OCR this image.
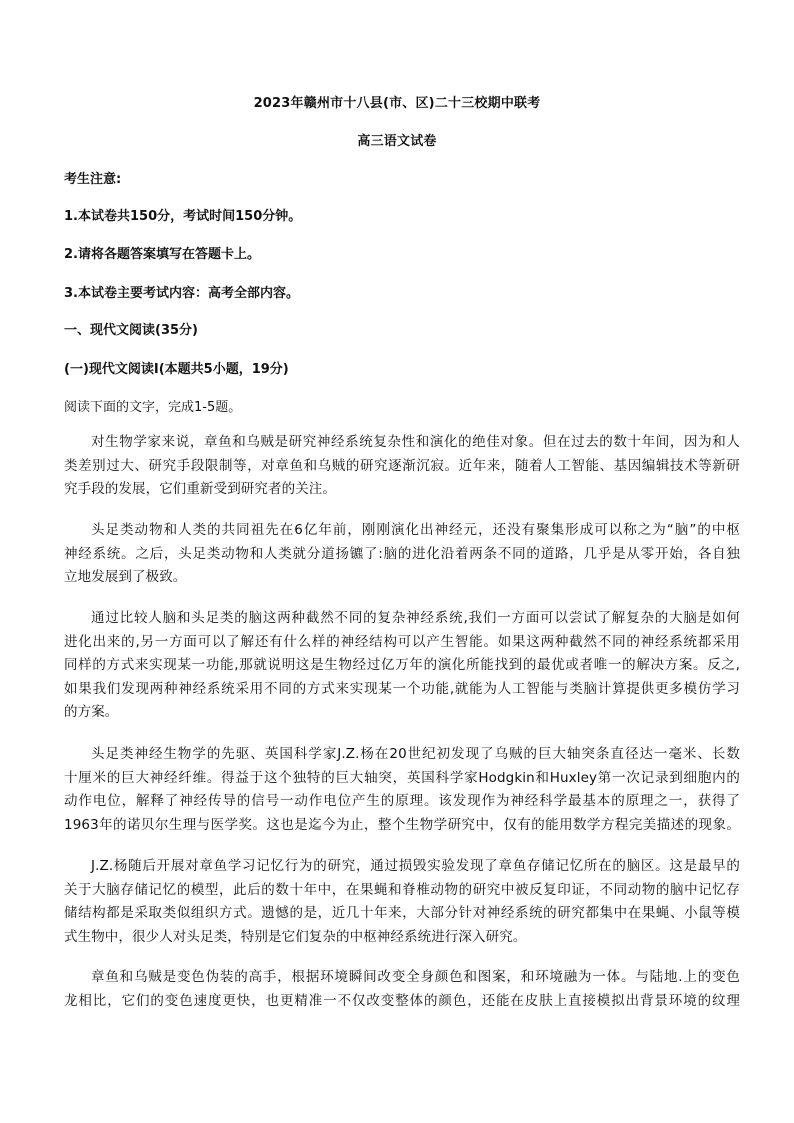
2023年赣州市十八县(市、区)二十三校期中联考
高三语文试卷
考生注意:
1.本试卷共150分，考试时间150分钟。
2.请将各题答案填写在答题卡上。
3.本试卷主要考试内容：高考全部内容。
一、现代文阅读(35分)
(一)现代文阅读I(本题共5小题，19分)
阅读下面的文字，完成1-5题。
对生物学家来说，章鱼和乌贼是研究神经系统复杂性和演化的绝佳对象。但在过去的数十年间，因为和人
类差别过大、研究手段限制等，对章鱼和乌贼的研究逐渐沉寂。近年来，随着人工智能、基因编辑技术等新研
究手段的发展，它们重新受到研究者的关注。
头足类动物和人类的共同祖先在6亿年前，刚刚演化出神经元，还没有聚集形成可以称之为“脑”的中枢
神经系统。之后，头足类动物和人类就分道扬镳了:脑的进化沿着两条不同的道路，几乎是从零开始，各自独
立地发展到了极致。
通过比较人脑和头足类的脑这两种截然不同的复杂神经系统,我们一方面可以尝试了解复杂的大脑是如何
进化出来的,另一方面可以了解还有什么样的神经结构可以产生智能。如果这两种截然不同的神经系统都采用
同样的方式来实现某一功能,那就说明这是生物经过亿万年的演化所能找到的最优或者唯一的解决方案。反之,
如果我们发现两种神经系统采用不同的方式来实现某一个功能,就能为人工智能与类脑计算提供更多模仿学习
的方案。
头足类神经生物学的先驱、英国科学家J.Z.杨在20世纪初发现了乌贼的巨大轴突条直径达一毫米、长数
十厘米的巨大神经纤维。得益于这个独特的巨大轴突，英国科学家Hodgkin和Huxley第一次记录到细胞内的
动作电位，解释了神经传导的信号一动作电位产生的原理。该发现作为神经科学最基本的原理之一，获得了
1963年的诺贝尔生理与医学奖。这也是迄今为止，整个生物学研究中，仅有的能用数学方程完美描述的现象。
J.Z.杨随后开展对章鱼学习记忆行为的研究，通过损毁实验发现了章鱼存储记忆所在的脑区。这是最早的
关于大脑存储记忆的模型，此后的数十年中，在果蝇和脊椎动物的研究中被反复印证，不同动物的脑中记忆存
储结构都是采取类似组织方式。遗憾的是，近几十年来，大部分针对神经系统的研究都集中在果蝇、小鼠等模
式生物中，很少人对头足类，特别是它们复杂的中枢神经系统进行深入研究。
章鱼和乌贼是变色伪装的高手，根据环境瞬间改变全身颜色和图案，和环境融为一体。与陆地.上的变色
龙相比，它们的变色速度更快，也更精准一不仅改变整体的颜色，还能在皮肤上直接模拟出背景环境的纹理
